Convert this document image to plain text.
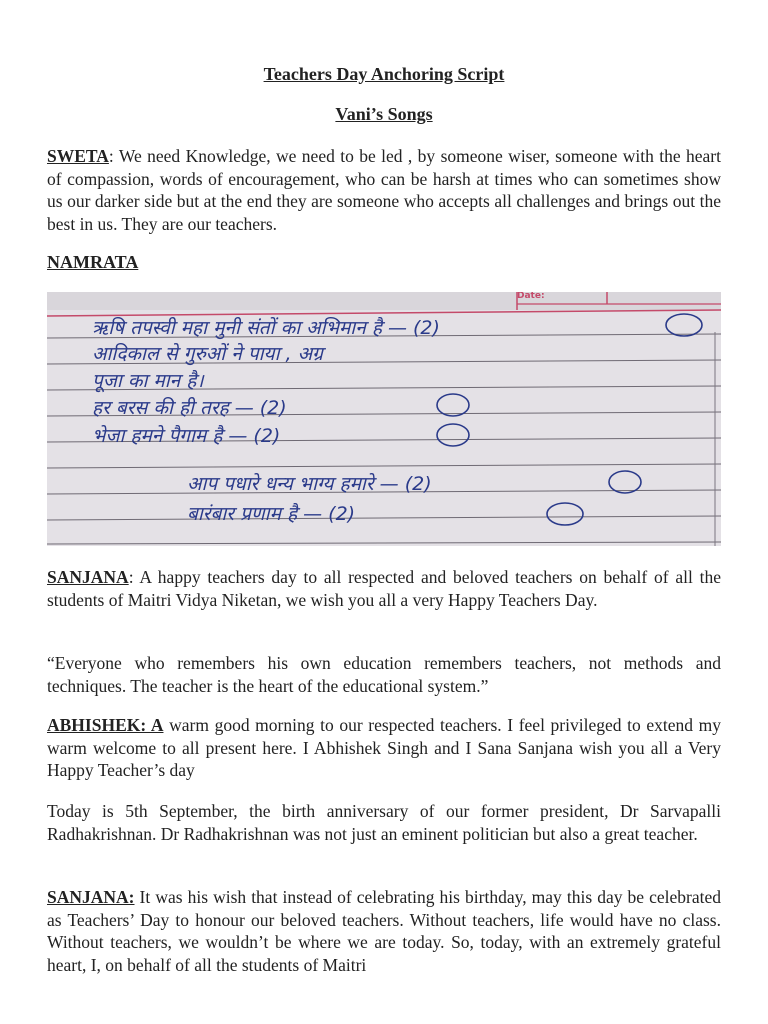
Teachers Day Anchoring Script
Vani’s Songs
SWETA: We need Knowledge, we need to be led , by someone wiser, someone with the heart of compassion, words of encouragement, who can be harsh at times who can sometimes show us our darker side but at the end they are someone who accepts all challenges and brings out the best in us. They are our teachers.
NAMRATA
Date:
ऋषि तपस्वी महा मुनी संतों का अभिमान है — (2)
आदिकाल से गुरुओं ने पाया , अग्र
पूजा का मान है।
हर बरस की ही तरह — (2)
भेजा हमने पैगाम है — (2)
आप पधारे धन्य भाग्य हमारे — (2)
बारंबार प्रणाम है — (2)
SANJANA: A happy teachers day to all respected and beloved teachers on behalf of all the students of Maitri Vidya Niketan, we wish you all a very Happy Teachers Day.
“Everyone who remembers his own education remembers teachers, not methods and techniques. The teacher is the heart of the educational system.”
ABHISHEK: A warm good morning to our respected teachers. I feel privileged to extend my warm welcome to all present here. I Abhishek Singh and I Sana Sanjana wish you all a Very Happy Teacher’s day
Today is 5th September, the birth anniversary of our former president, Dr Sarvapalli Radhakrishnan. Dr Radhakrishnan was not just an eminent politician but also a great teacher.
SANJANA: It was his wish that instead of celebrating his birthday, may this day be celebrated as Teachers’ Day to honour our beloved teachers. Without teachers, life would have no class. Without teachers, we wouldn’t be where we are today. So, today, with an extremely grateful heart, I, on behalf of all the students of Maitri
